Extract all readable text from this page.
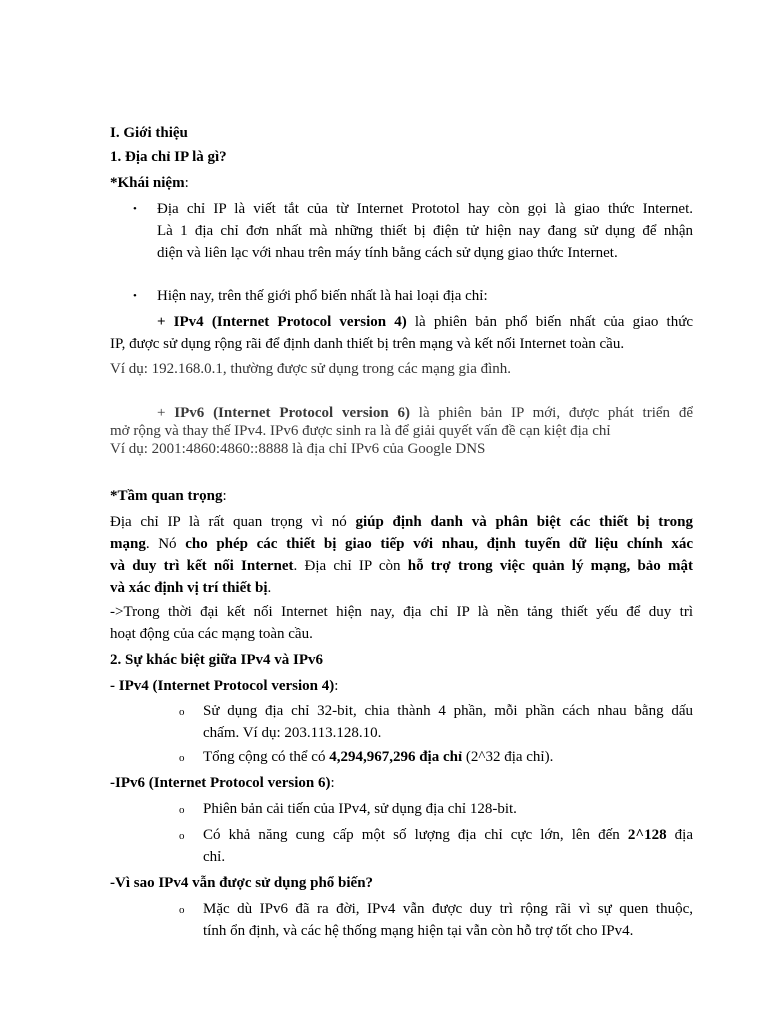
I. Giới thiệu
1. Địa chỉ IP là gì?
*Khái niệm:
• Địa chỉ IP là viết tắt của từ Internet Prototol hay còn gọi là giao thức Internet.
Là 1 địa chỉ đơn nhất mà những thiết bị điện tử hiện nay đang sử dụng để nhận
diện và liên lạc với nhau trên máy tính bằng cách sử dụng giao thức Internet.
• Hiện nay, trên thế giới phổ biến nhất là hai loại địa chỉ:
+ IPv4 (Internet Protocol version 4) là phiên bản phổ biến nhất của giao thức
IP, được sử dụng rộng rãi để định danh thiết bị trên mạng và kết nối Internet toàn cầu.
Ví dụ: 192.168.0.1, thường được sử dụng trong các mạng gia đình.
+ IPv6 (Internet Protocol version 6) là phiên bản IP mới, được phát triển để
mở rộng và thay thế IPv4. IPv6 được sinh ra là để giải quyết vấn đề cạn kiệt địa chỉ
Ví dụ: 2001:4860:4860::8888 là địa chỉ IPv6 của Google DNS
*Tầm quan trọng:
Địa chỉ IP là rất quan trọng vì nó giúp định danh và phân biệt các thiết bị trong
mạng. Nó cho phép các thiết bị giao tiếp với nhau, định tuyến dữ liệu chính xác
và duy trì kết nối Internet. Địa chỉ IP còn hỗ trợ trong việc quản lý mạng, bảo mật
và xác định vị trí thiết bị.
->Trong thời đại kết nối Internet hiện nay, địa chỉ IP là nền tảng thiết yếu để duy trì
hoạt động của các mạng toàn cầu.
2. Sự khác biệt giữa IPv4 và IPv6
- IPv4 (Internet Protocol version 4):
o Sử dụng địa chỉ 32-bit, chia thành 4 phần, mỗi phần cách nhau bằng dấu
chấm. Ví dụ: 203.113.128.10.
o Tổng cộng có thể có 4,294,967,296 địa chỉ (2^32 địa chỉ).
-IPv6 (Internet Protocol version 6):
o Phiên bản cải tiến của IPv4, sử dụng địa chỉ 128-bit.
o Có khả năng cung cấp một số lượng địa chỉ cực lớn, lên đến 2^128 địa
chỉ.
-Vì sao IPv4 vẫn được sử dụng phổ biến?
o Mặc dù IPv6 đã ra đời, IPv4 vẫn được duy trì rộng rãi vì sự quen thuộc,
tính ổn định, và các hệ thống mạng hiện tại vẫn còn hỗ trợ tốt cho IPv4.
